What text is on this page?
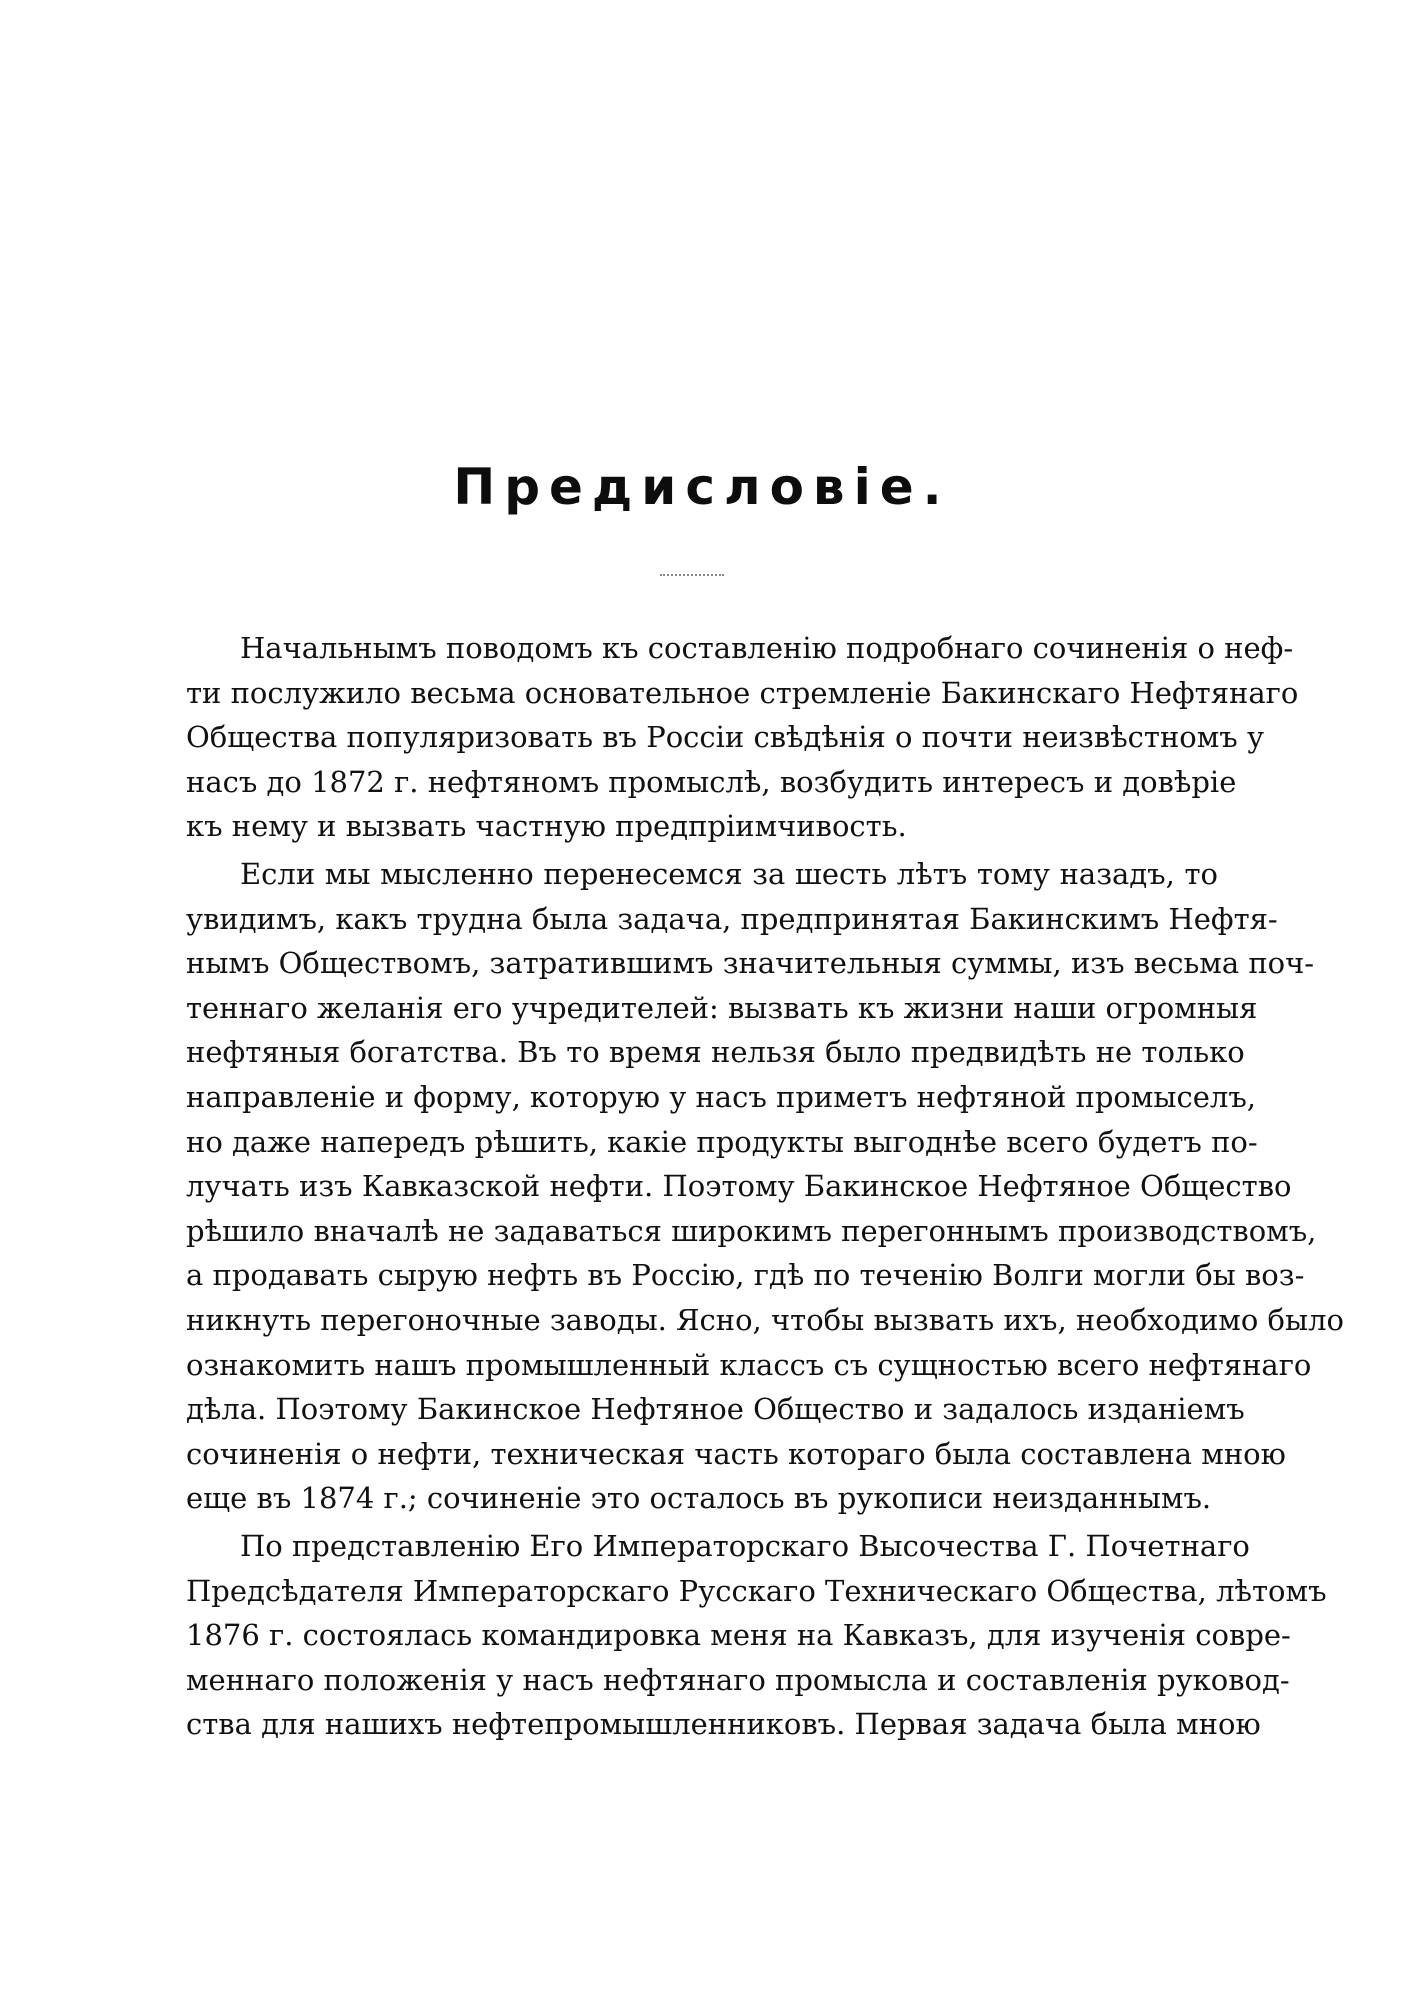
Предисловіе.
Начальнымъ поводомъ къ составленію подробнаго сочиненія о неф-
ти послужило весьма основательное стремленіе Бакинскаго Нефтянаго
Общества популяризовать въ Россіи свѣдѣнія о почти неизвѣстномъ у
насъ до 1872 г. нефтяномъ промыслѣ, возбудить интересъ и довѣріе
къ нему и вызвать частную предпріимчивость.
Если мы мысленно перенесемся за шесть лѣтъ тому назадъ, то
увидимъ, какъ трудна была задача, предпринятая Бакинскимъ Нефтя-
нымъ Обществомъ, затратившимъ значительныя суммы, изъ весьма поч-
теннаго желанія его учредителей: вызвать къ жизни наши огромныя
нефтяныя богатства. Въ то время нельзя было предвидѣть не только
направленіе и форму, которую у насъ приметъ нефтяной промыселъ,
но даже напередъ рѣшить, какіе продукты выгоднѣе всего будетъ по-
лучать изъ Кавказской нефти. Поэтому Бакинское Нефтяное Общество
рѣшило вначалѣ не задаваться широкимъ перегоннымъ производствомъ,
а продавать сырую нефть въ Россію, гдѣ по теченію Волги могли бы воз-
никнуть перегоночные заводы. Ясно, чтобы вызвать ихъ, необходимо было
ознакомить нашъ промышленный классъ съ сущностью всего нефтянаго
дѣла. Поэтому Бакинское Нефтяное Общество и задалось изданіемъ
сочиненія о нефти, техническая часть котораго была составлена мною
еще въ 1874 г.; сочиненіе это осталось въ рукописи неизданнымъ.
По представленію Его Императорскаго Высочества Г. Почетнаго
Предсѣдателя Императорскаго Русскаго Техническаго Общества, лѣтомъ
1876 г. состоялась командировка меня на Кавказъ, для изученія совре-
меннаго положенія у насъ нефтянаго промысла и составленія руковод-
ства для нашихъ нефтепромышленниковъ. Первая задача была мною
